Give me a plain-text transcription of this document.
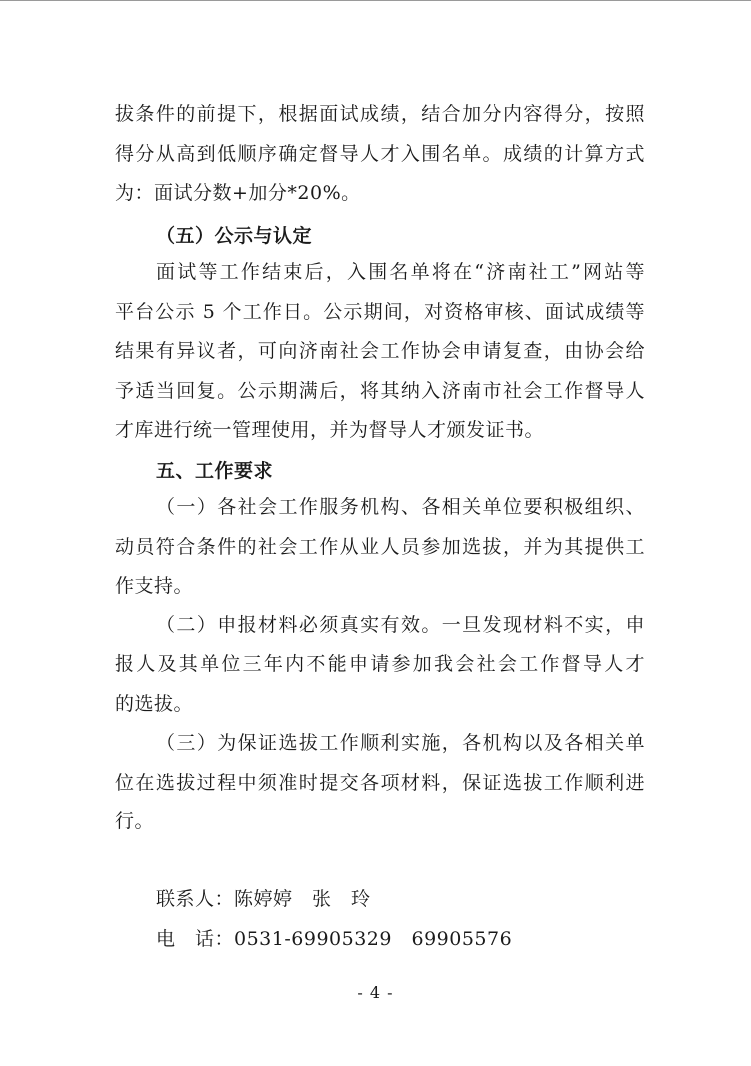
拔条件的前提下，根据面试成绩，结合加分内容得分，按照
得分从高到低顺序确定督导人才入围名单。成绩的计算方式
为：面试分数+加分*20%。
（五）公示与认定
面试等工作结束后，入围名单将在“济南社工”网站等
平台公示 5 个工作日。公示期间，对资格审核、面试成绩等
结果有异议者，可向济南社会工作协会申请复查，由协会给
予适当回复。公示期满后，将其纳入济南市社会工作督导人
才库进行统一管理使用，并为督导人才颁发证书。
五、工作要求
（一）各社会工作服务机构、各相关单位要积极组织、
动员符合条件的社会工作从业人员参加选拔，并为其提供工
作支持。
（二）申报材料必须真实有效。一旦发现材料不实，申
报人及其单位三年内不能申请参加我会社会工作督导人才
的选拔。
（三）为保证选拔工作顺利实施，各机构以及各相关单
位在选拔过程中须准时提交各项材料，保证选拔工作顺利进
行。
联系人：陈婷婷　张　玲
电　话：0531-69905329　69905576
- 4 -
